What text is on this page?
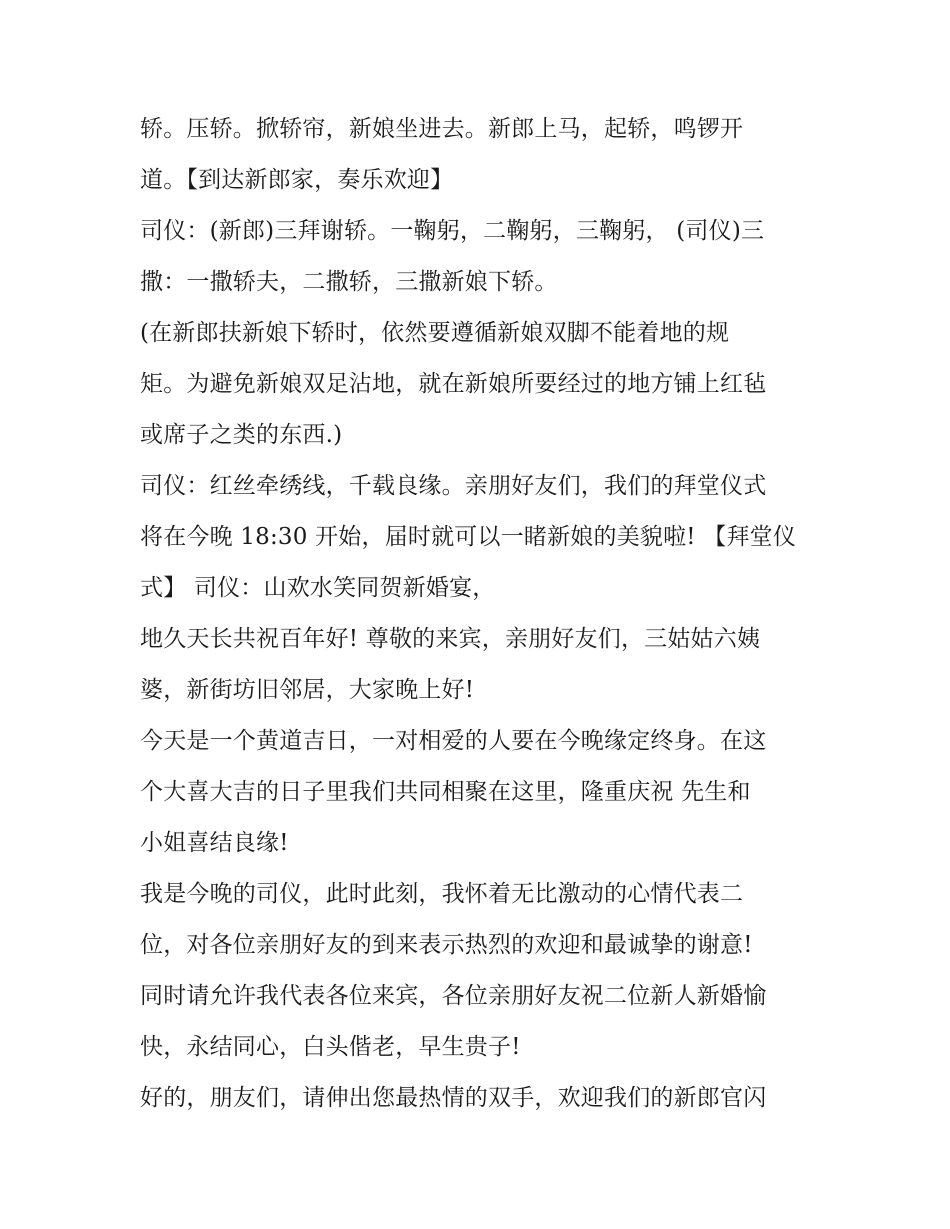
轿。压轿。掀轿帘，新娘坐进去。新郎上马，起轿，鸣锣开
道。【到达新郎家，奏乐欢迎】
司仪：(新郎)三拜谢轿。一鞠躬，二鞠躬，三鞠躬， (司仪)三
撒：一撒轿夫，二撒轿，三撒新娘下轿。
(在新郎扶新娘下轿时，依然要遵循新娘双脚不能着地的规
矩。为避免新娘双足沾地，就在新娘所要经过的地方铺上红毡
或席子之类的东西.)
司仪：红丝牵绣线，千载良缘。亲朋好友们，我们的拜堂仪式
将在今晚 18:30 开始，届时就可以一睹新娘的美貌啦! 【拜堂仪
式】 司仪：山欢水笑同贺新婚宴，
地久天长共祝百年好! 尊敬的来宾，亲朋好友们，三姑姑六姨
婆，新街坊旧邻居，大家晚上好!
今天是一个黄道吉日，一对相爱的人要在今晚缘定终身。在这
个大喜大吉的日子里我们共同相聚在这里，隆重庆祝 先生和
小姐喜结良缘!
我是今晚的司仪，此时此刻，我怀着无比激动的心情代表二
位，对各位亲朋好友的到来表示热烈的欢迎和最诚挚的谢意!
同时请允许我代表各位来宾，各位亲朋好友祝二位新人新婚愉
快，永结同心，白头偕老，早生贵子!
好的，朋友们，请伸出您最热情的双手，欢迎我们的新郎官闪
